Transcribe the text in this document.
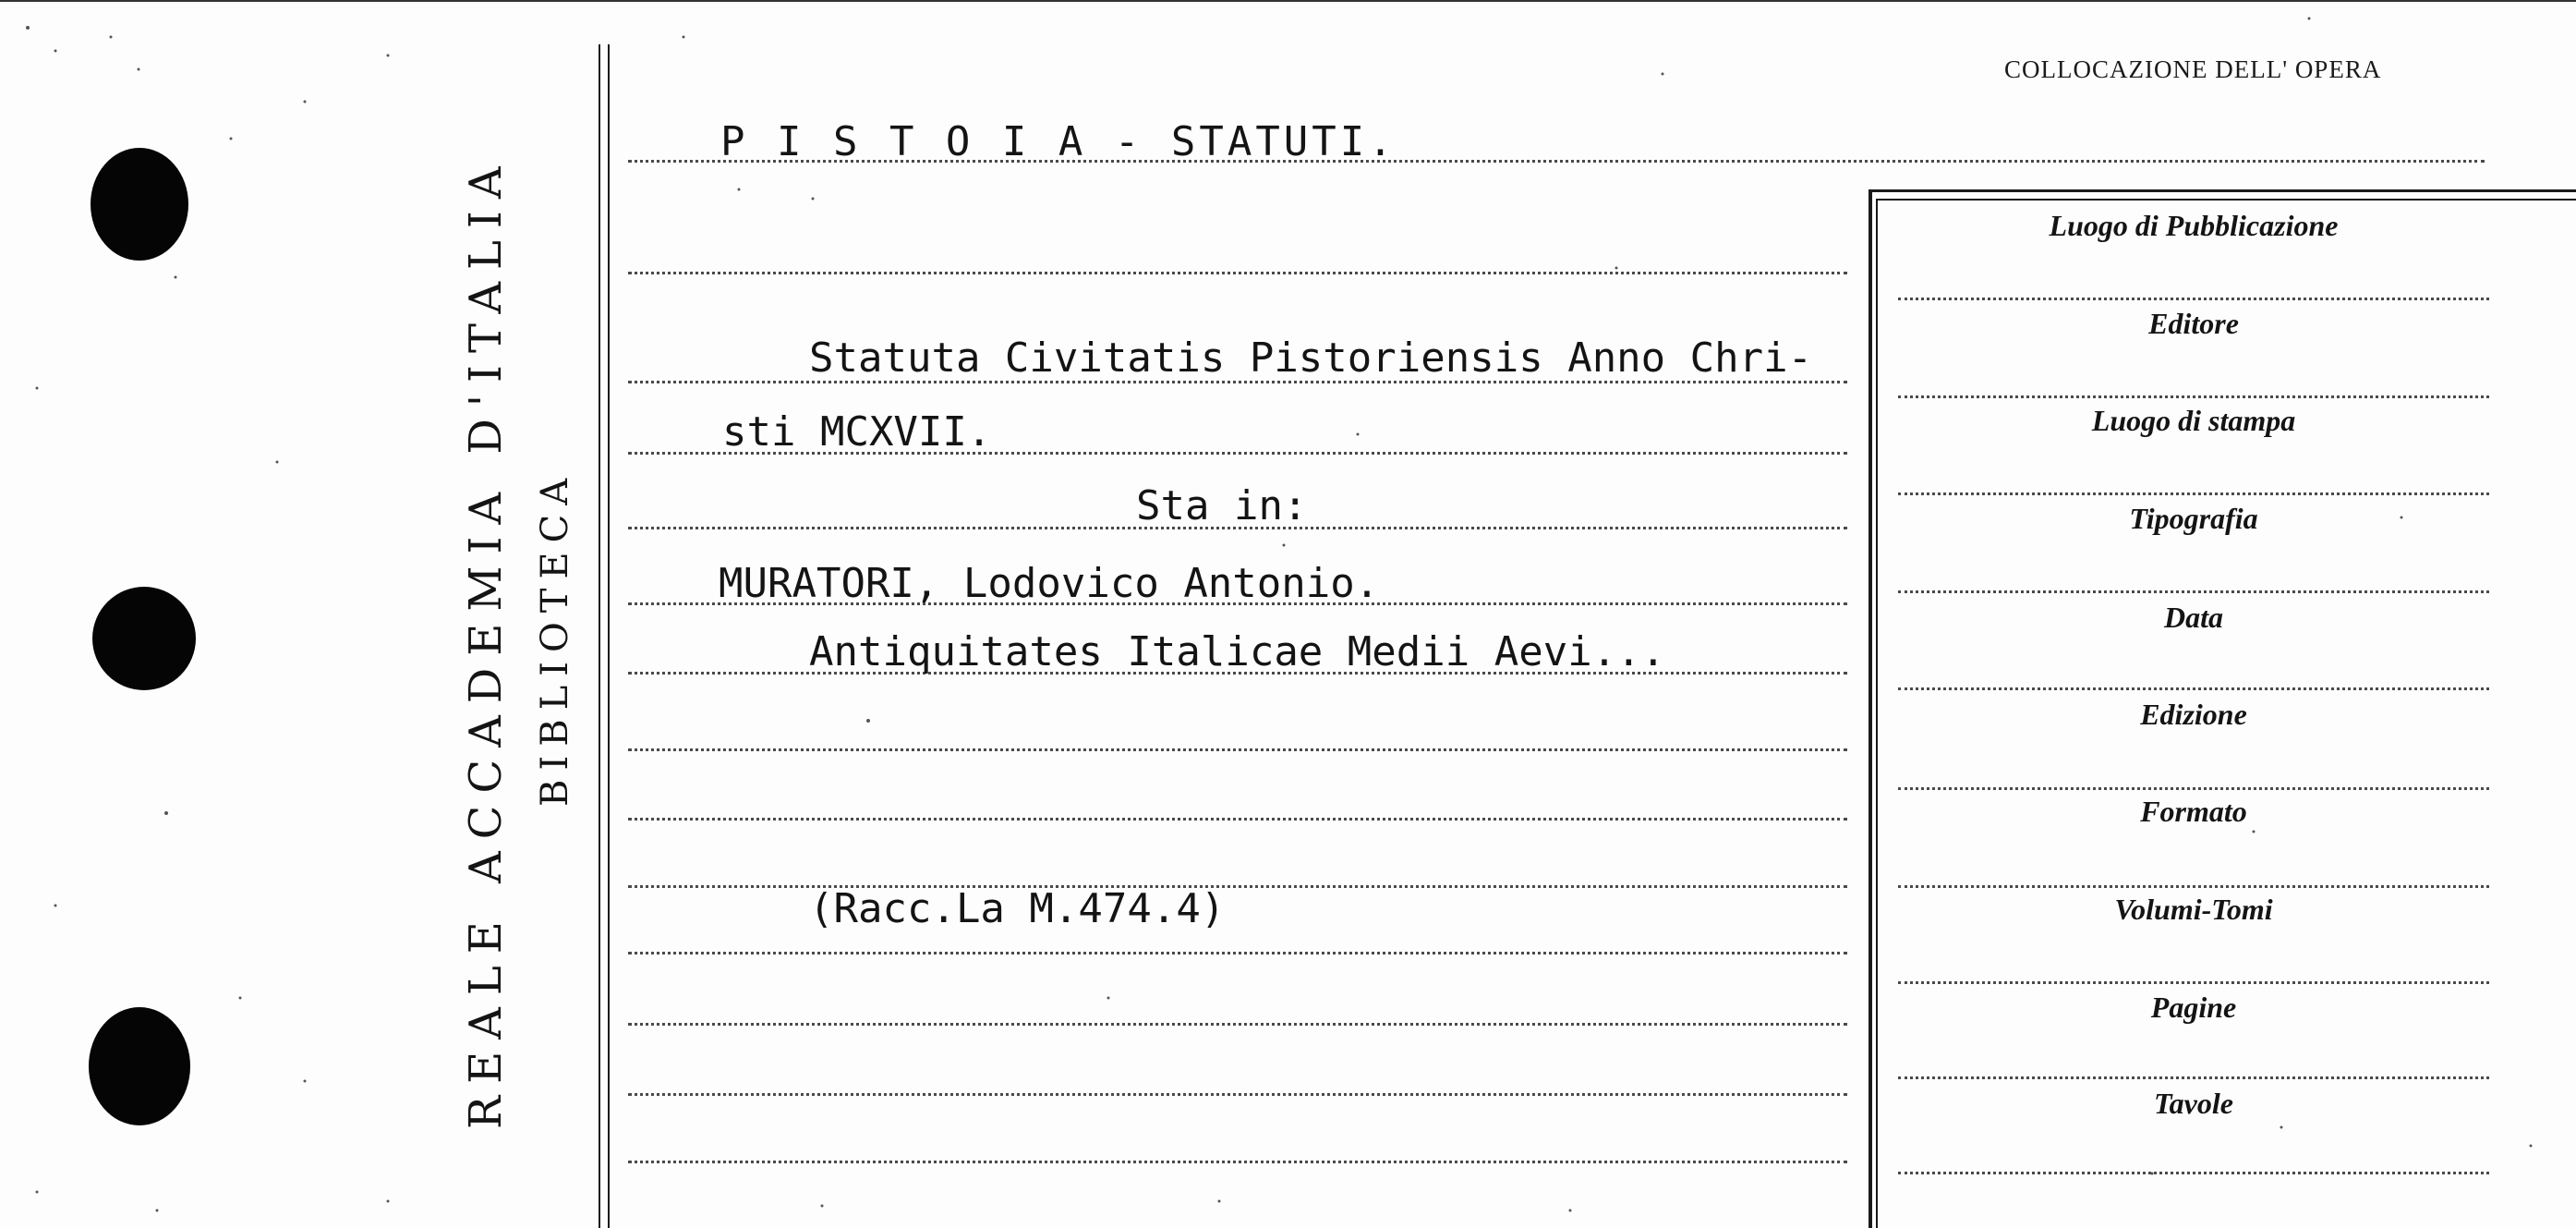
REALE ACCADEMIA D'ITALIA BIBLIOTECA
COLLOCAZIONE DELL' OPERA
P I S T O I A - STATUTI.
Statuta Civitatis Pistoriensis Anno Chri-
sti MCXVII.
Sta in:
MURATORI, Lodovico Antonio.
Antiquitates Italicae Medii Aevi...
(Racc.La M.474.4)
Luogo di Pubblicazione
Editore
Luogo di stampa
Tipografia
Data
Edizione
Formato
Volumi-Tomi
Pagine
Tavole
